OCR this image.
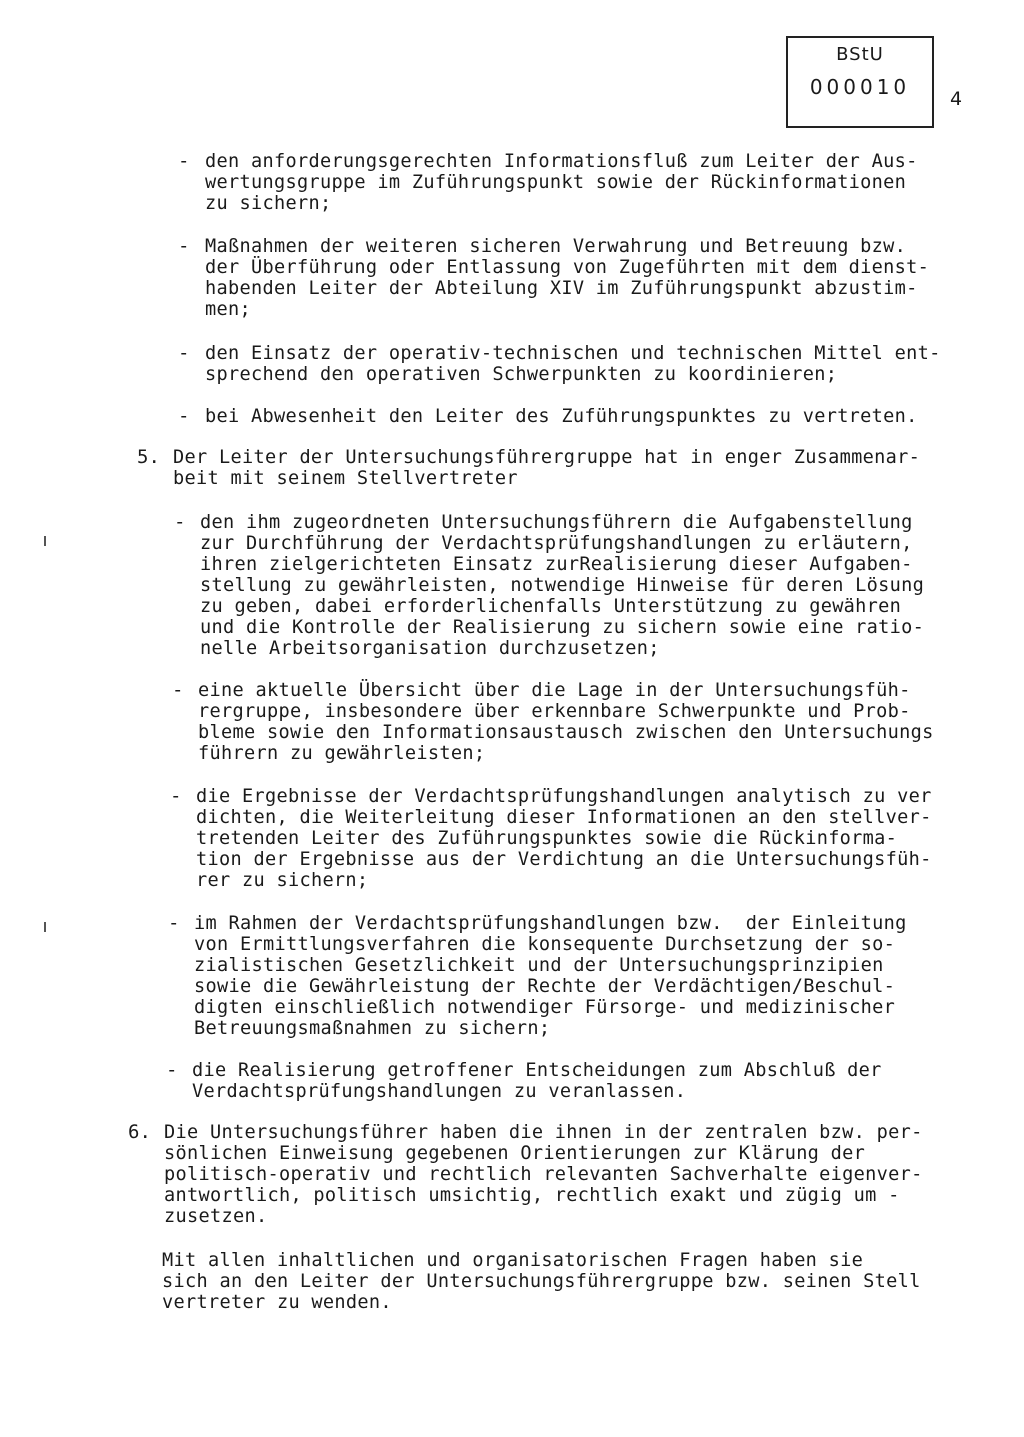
BStU
000010	4
- den anforderungsgerechten Informationsfluß zum Leiter der Aus-
wertungsgruppe im Zuführungspunkt sowie der Rückinformationen
zu sichern;
- Maßnahmen der weiteren sicheren Verwahrung und Betreuung bzw.
der Überführung oder Entlassung von Zugeführten mit dem dienst-
habenden Leiter der Abteilung XIV im Zuführungspunkt abzustim-
men;
- den Einsatz der operativ-technischen und technischen Mittel ent-
sprechend den operativen Schwerpunkten zu koordinieren;
- bei Abwesenheit den Leiter des Zuführungspunktes zu vertreten.
5. Der Leiter der Untersuchungsführergruppe hat in enger Zusammenar-
beit mit seinem Stellvertreter
- den ihm zugeordneten Untersuchungsführern die Aufgabenstellung
zur Durchführung der Verdachtsprüfungshandlungen zu erläutern,
ihren zielgerichteten Einsatz zurRealisierung dieser Aufgaben-
stellung zu gewährleisten, notwendige Hinweise für deren Lösung
zu geben, dabei erforderlichenfalls Unterstützung zu gewähren
und die Kontrolle der Realisierung zu sichern sowie eine ratio-
nelle Arbeitsorganisation durchzusetzen;
- eine aktuelle Übersicht über die Lage in der Untersuchungsfüh-
rergruppe, insbesondere über erkennbare Schwerpunkte und Prob-
bleme sowie den Informationsaustausch zwischen den Untersuchungs
führern zu gewährleisten;
- die Ergebnisse der Verdachtsprüfungshandlungen analytisch zu ver
dichten, die Weiterleitung dieser Informationen an den stellver-
tretenden Leiter des Zuführungspunktes sowie die Rückinforma-
tion der Ergebnisse aus der Verdichtung an die Untersuchungsfüh-
rer zu sichern;
- im Rahmen der Verdachtsprüfungshandlungen bzw.  der Einleitung
von Ermittlungsverfahren die konsequente Durchsetzung der so-
zialistischen Gesetzlichkeit und der Untersuchungsprinzipien
sowie die Gewährleistung der Rechte der Verdächtigen/Beschul-
digten einschließlich notwendiger Fürsorge- und medizinischer
Betreuungsmaßnahmen zu sichern;
- die Realisierung getroffener Entscheidungen zum Abschluß der
Verdachtsprüfungshandlungen zu veranlassen.
6. Die Untersuchungsführer haben die ihnen in der zentralen bzw. per-
sönlichen Einweisung gegebenen Orientierungen zur Klärung der
politisch-operativ und rechtlich relevanten Sachverhalte eigenver-
antwortlich, politisch umsichtig, rechtlich exakt und zügig um -
zusetzen.
Mit allen inhaltlichen und organisatorischen Fragen haben sie
sich an den Leiter der Untersuchungsführergruppe bzw. seinen Stell
vertreter zu wenden.
